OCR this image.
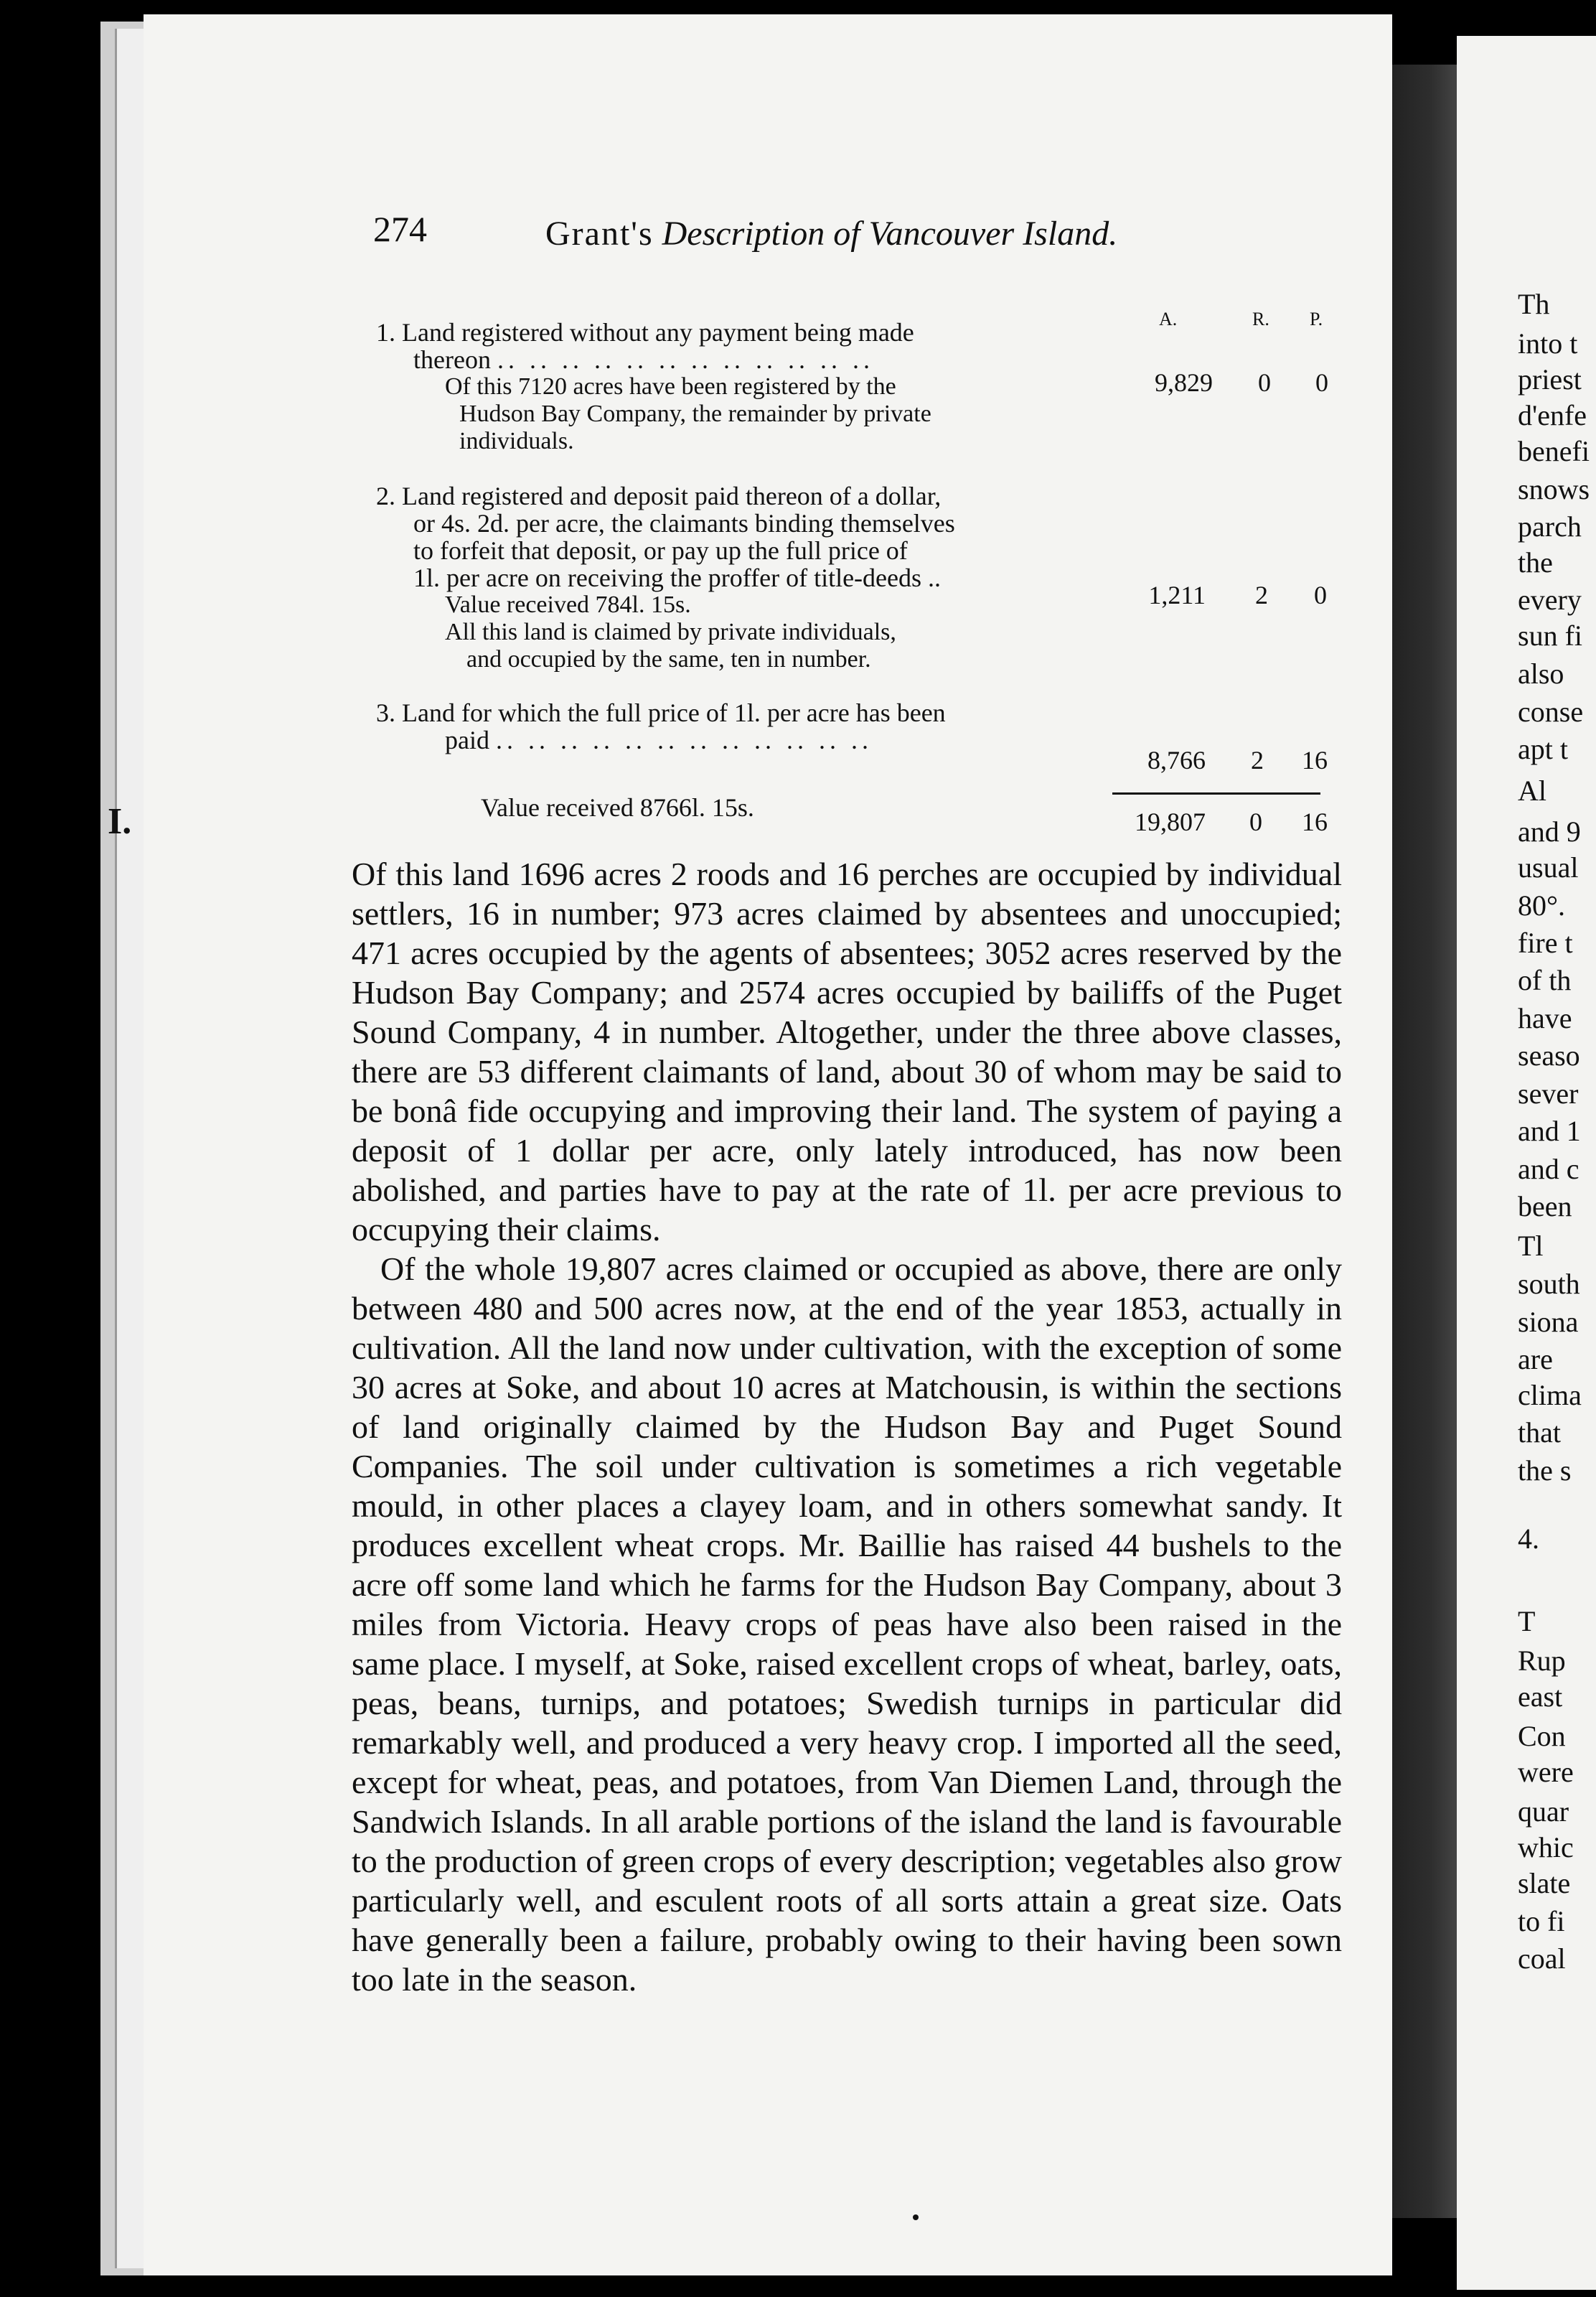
Th
into t
priest
d'enfe
benefi
snows
parch
the
every
sun fi
also
conse
apt t
Al
and 9
usual
80°.
fire t
of th
have
seaso
sever
and 1
and c
been
Tl
south
siona
are
clima
that
the s
4.
T
Rup
east
Con
were
quar
whic
slate
to fi
coal
274	Grant's Description of Vancouver Island.
A.	R. P.
1. Land registered without any payment being made

thereon .. .. .. .. .. .. .. .. .. .. .. ..

Of this 7120 acres have been registered by the

Hudson Bay Company, the remainder by private

individuals.

9,829	0	0
2. Land registered and deposit paid thereon of a dollar,

or 4s. 2d. per acre, the claimants binding themselves

to forfeit that deposit, or pay up the full price of

1l. per acre on receiving the proffer of title-deeds ..

Value received 784l. 15s.

All this land is claimed by private individuals,

and occupied by the same, ten in number.

1,211	2	0
3. Land for which the full price of 1l. per acre has been

paid .. .. .. .. .. .. .. .. .. .. .. ..

8,766	2	16
Value received 8766l. 15s.	19,807	0	16
I.

Of this land 1696 acres 2 roods and 16 perches are occupied by individual settlers, 16 in number; 973 acres claimed by absentees and unoccupied; 471 acres occupied by the agents of absentees; 3052 acres reserved by the Hudson Bay Company; and 2574 acres occupied by bailiffs of the Puget Sound Company, 4 in number. Altogether, under the three above classes, there are 53 different claimants of land, about 30 of whom may be said to be bonâ fide occupying and improving their land. The system of paying a deposit of 1 dollar per acre, only lately introduced, has now been abolished, and parties have to pay at the rate of 1l. per acre previous to occupying their claims.

Of the whole 19,807 acres claimed or occupied as above, there are only between 480 and 500 acres now, at the end of the year 1853, actually in cultivation. All the land now under cultivation, with the exception of some 30 acres at Soke, and about 10 acres at Matchousin, is within the sections of land originally claimed by the Hudson Bay and Puget Sound Companies. The soil under cultivation is sometimes a rich vegetable mould, in other places a clayey loam, and in others somewhat sandy. It produces excellent wheat crops. Mr. Baillie has raised 44 bushels to the acre off some land which he farms for the Hudson Bay Company, about 3 miles from Victoria. Heavy crops of peas have also been raised in the same place. I myself, at Soke, raised excellent crops of wheat, barley, oats, peas, beans, turnips, and potatoes; Swedish turnips in particular did remarkably well, and produced a very heavy crop. I imported all the seed, except for wheat, peas, and potatoes, from Van Diemen Land, through the Sandwich Islands. In all arable portions of the island the land is favourable to the production of green crops of every description; vegetables also grow particularly well, and esculent roots of all sorts attain a great size. Oats have generally been a failure, probably owing to their having been sown too late in the season.
